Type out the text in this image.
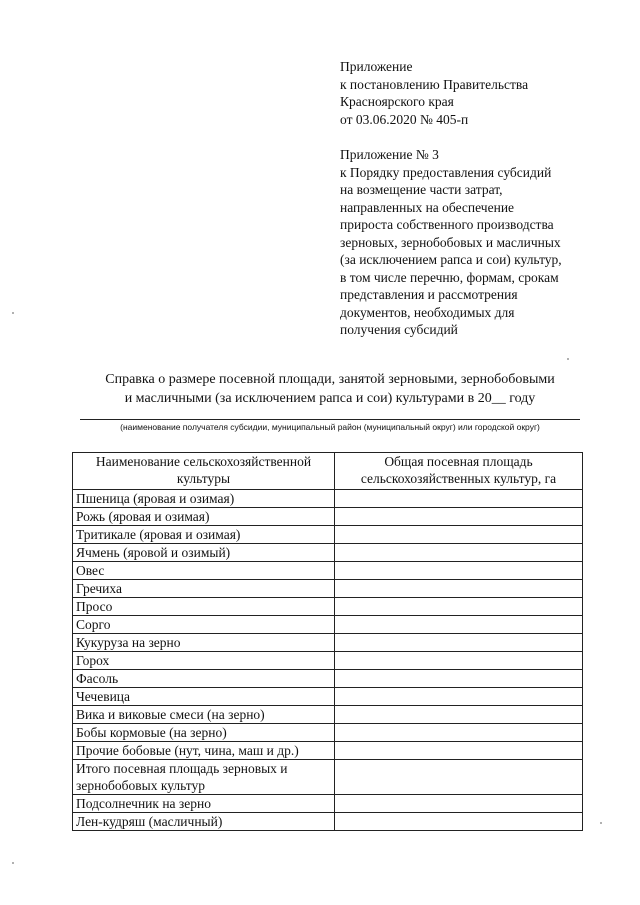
Приложение
к постановлению Правительства
Красноярского края
от 03.06.2020 № 405-п
Приложение № 3
к Порядку предоставления субсидий
на возмещение части затрат,
направленных на обеспечение
прироста собственного производства
зерновых, зернобобовых и масличных
(за исключением рапса и сои) культур,
в том числе перечню, формам, срокам
представления и рассмотрения
документов, необходимых для
получения субсидий
Справка о размере посевной площади, занятой зерновыми, зернобобовыми
и масличными (за исключением рапса и сои) культурами в 20__ году
(наименование получателя субсидии, муниципальный район (муниципальный округ) или городской округ)
Наименование сельскохозяйственной культуры	Общая посевная площадь сельскохозяйственных культур, га
Пшеница (яровая и озимая)	
Рожь (яровая и озимая)	
Тритикале (яровая и озимая)	
Ячмень (яровой и озимый)	
Овес	
Гречиха	
Просо	
Сорго	
Кукуруза на зерно	
Горох	
Фасоль	
Чечевица	
Вика и виковые смеси (на зерно)	
Бобы кормовые (на зерно)	
Прочие бобовые (нут, чина, маш и др.)	
Итого посевная площадь зерновых и зернобобовых культур	
Подсолнечник на зерно	
Лен-кудряш (масличный)	
